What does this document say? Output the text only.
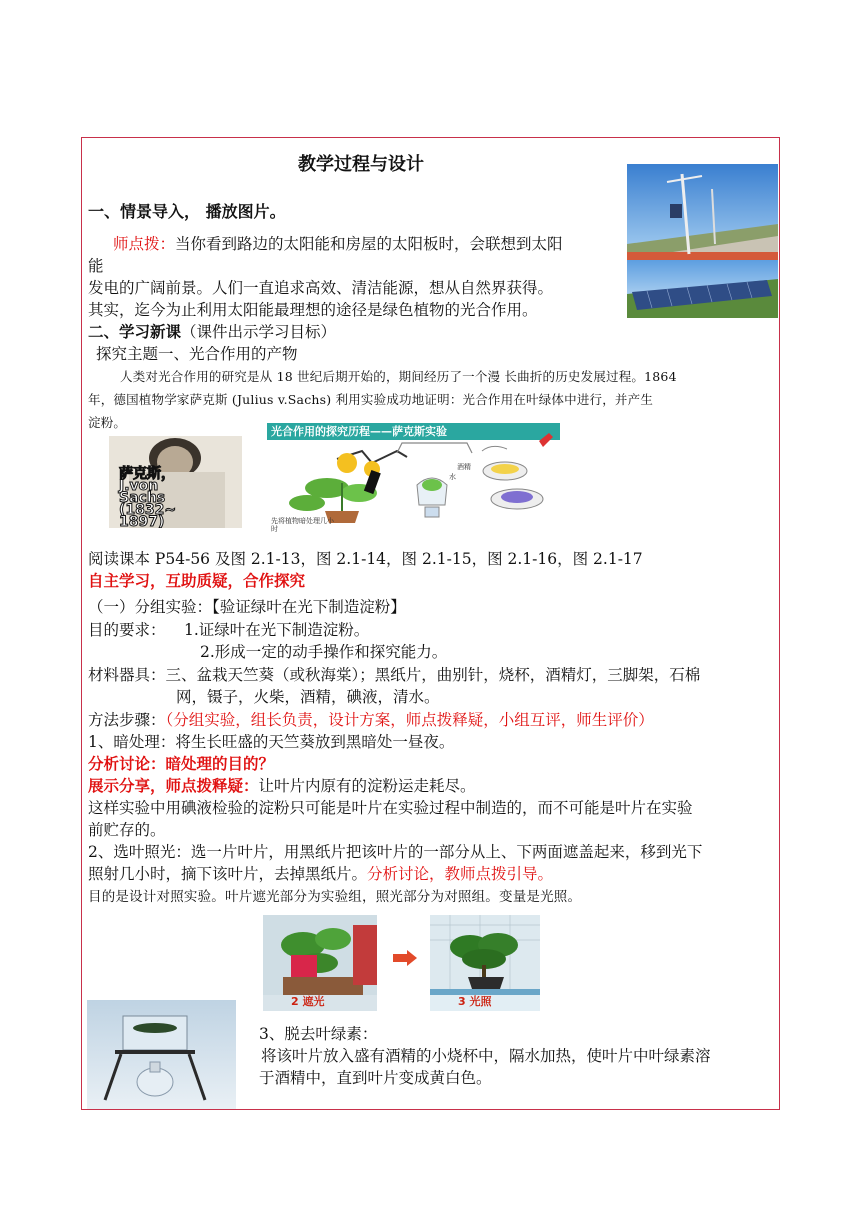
教学过程与设计
一、情景导入， 播放图片。
师点拨：当你看到路边的太阳能和房屋的太阳板时，会联想到太阳
能
发电的广阔前景。人们一直追求高效、清洁能源，想从自然界获得。
其实，迄今为止利用太阳能最理想的途径是绿色植物的光合作用。
二、学习新课（课件出示学习目标）
探究主题一、光合作用的产物
人类对光合作用的研究是从 18 世纪后期开始的，期间经历了一个漫 长曲折的历史发展过程。1864
年，德国植物学家萨克斯 (Julius v.Sachs) 利用实验成功地证明：光合作用在叶绿体中进行，并产生
淀粉。
萨克斯，
J.von
Sachs
(1832~
1897)
光合作用的探究历程——萨克斯实验
酒精
水
先将植物暗处理几小
时
阅读课本 P54-56 及图 2.1-13，图 2.1-14，图 2.1-15，图 2.1-16，图 2.1-17
自主学习，互助质疑，合作探究
（一）分组实验：【验证绿叶在光下制造淀粉】
目的要求： 1.证绿叶在光下制造淀粉。
2.形成一定的动手操作和探究能力。
材料器具：三、盆栽天竺葵（或秋海棠）；黑纸片，曲别针，烧杯，酒精灯，三脚架，石棉
网，镊子，火柴，酒精，碘液，清水。
方法步骤：（分组实验，组长负责，设计方案，师点拨释疑，小组互评，师生评价）
1、暗处理：将生长旺盛的天竺葵放到黑暗处一昼夜。
分析讨论：暗处理的目的？
展示分享，师点拨释疑：让叶片内原有的淀粉运走耗尽。
这样实验中用碘液检验的淀粉只可能是叶片在实验过程中制造的，而不可能是叶片在实验
前贮存的。
2、选叶照光：选一片叶片，用黑纸片把该叶片的一部分从上、下两面遮盖起来，移到光下
照射几小时，摘下该叶片，去掉黑纸片。分析讨论，教师点拨引导。
目的是设计对照实验。叶片遮光部分为实验组，照光部分为对照组。变量是光照。
2 遮光	3 光照
3、脱去叶绿素：
将该叶片放入盛有酒精的小烧杯中，隔水加热，使叶片中叶绿素溶
于酒精中，直到叶片变成黄白色。
